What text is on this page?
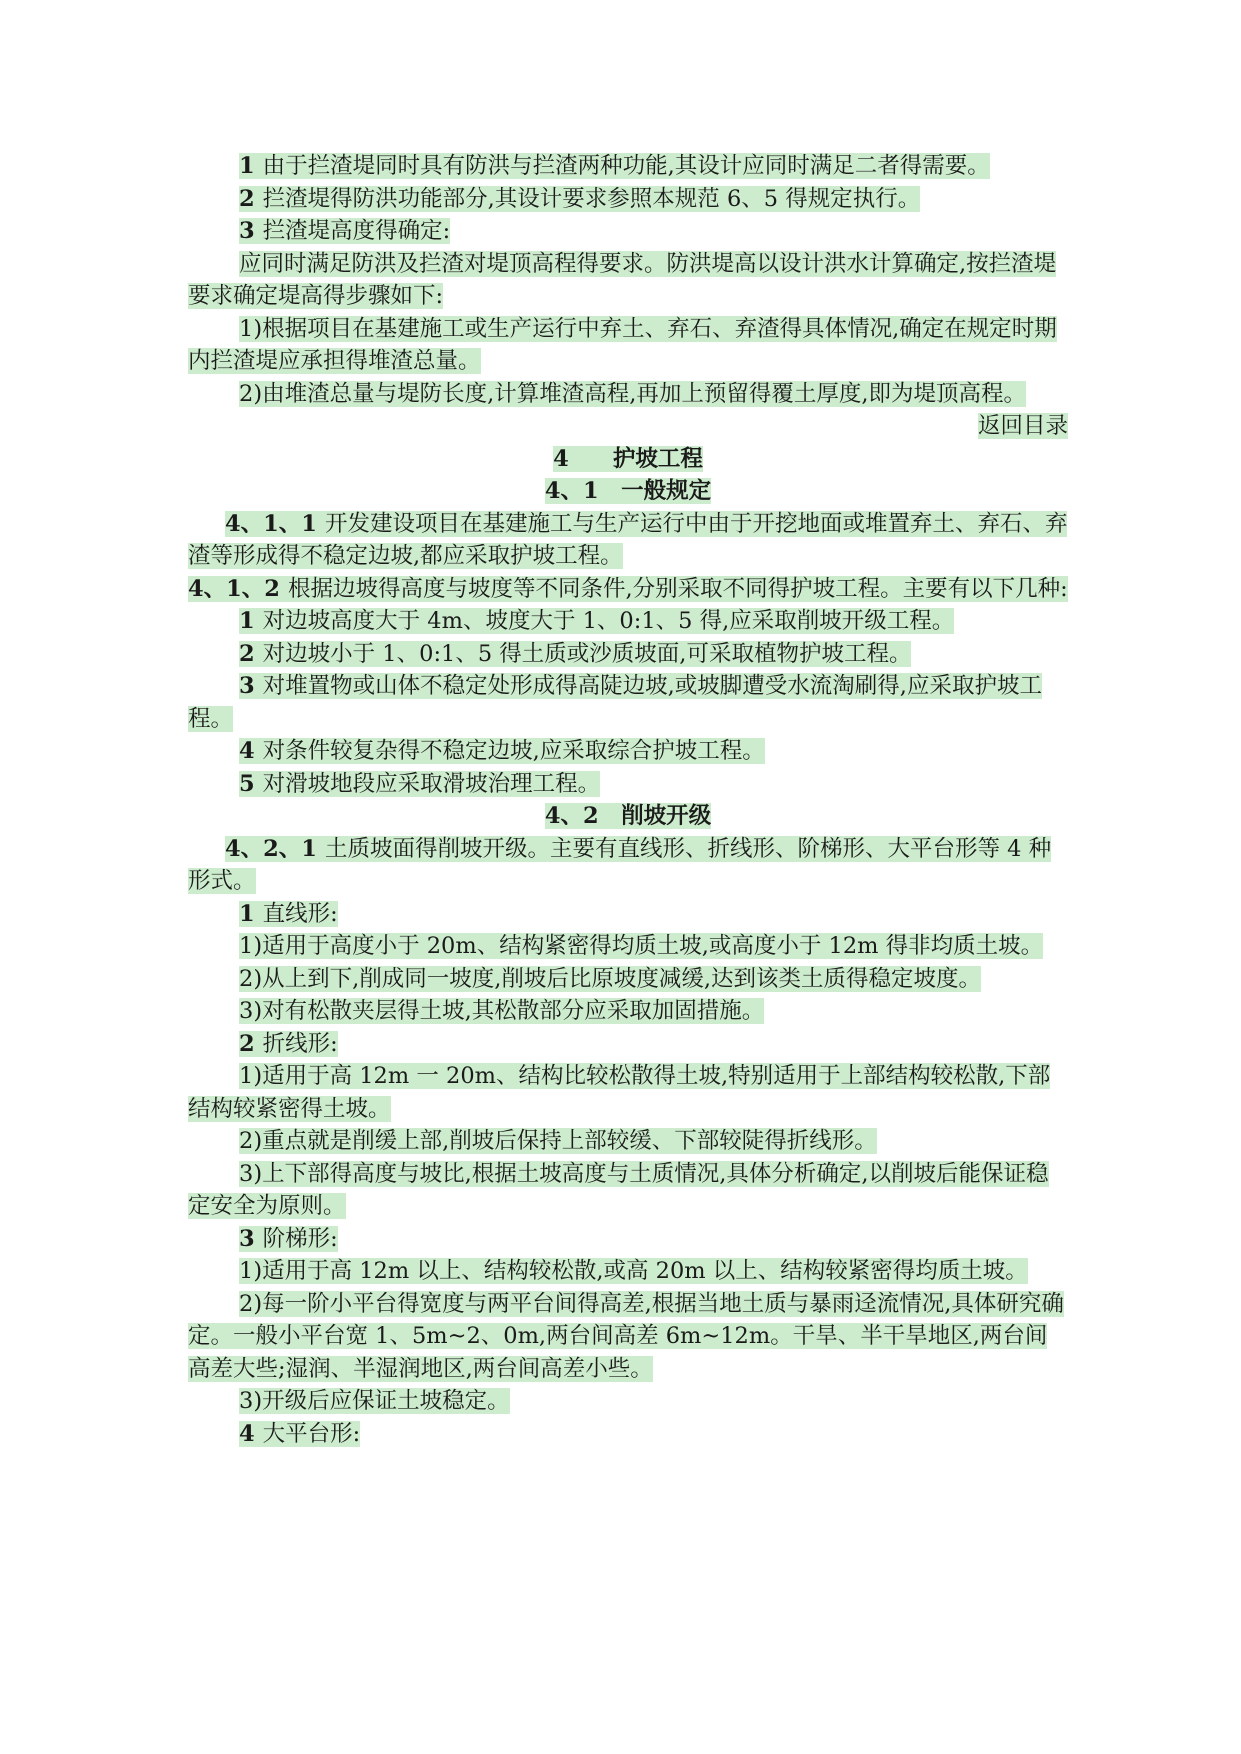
1 由于拦渣堤同时具有防洪与拦渣两种功能,其设计应同时满足二者得需要。

2 拦渣堤得防洪功能部分,其设计要求参照本规范 6、5 得规定执行。

3 拦渣堤高度得确定:

应同时满足防洪及拦渣对堤顶高程得要求。防洪堤高以设计洪水计算确定,按拦渣堤要求确定堤高得步骤如下:

1)根据项目在基建施工或生产运行中弃土、弃石、弃渣得具体情况,确定在规定时期内拦渣堤应承担得堆渣总量。

2)由堆渣总量与堤防长度,计算堆渣高程,再加上预留得覆土厚度,即为堤顶高程。

返回目录

4 护坡工程

4、1　一般规定

4、1、1 开发建设项目在基建施工与生产运行中由于开挖地面或堆置弃土、弃石、弃渣等形成得不稳定边坡,都应采取护坡工程。

4、1、2 根据边坡得高度与坡度等不同条件,分别采取不同得护坡工程。主要有以下几种:

1 对边坡高度大于 4m、坡度大于 1、0:1、5 得,应采取削坡开级工程。

2 对边坡小于 1、0:1、5 得土质或沙质坡面,可采取植物护坡工程。

3 对堆置物或山体不稳定处形成得高陡边坡,或坡脚遭受水流淘刷得,应采取护坡工程。

4 对条件较复杂得不稳定边坡,应采取综合护坡工程。

5 对滑坡地段应采取滑坡治理工程。

4、2　削坡开级

4、2、1 土质坡面得削坡开级。主要有直线形、折线形、阶梯形、大平台形等 4 种形式。

1 直线形:

1)适用于高度小于 20m、结构紧密得均质土坡,或高度小于 12m 得非均质土坡。

2)从上到下,削成同一坡度,削坡后比原坡度减缓,达到该类土质得稳定坡度。

3)对有松散夹层得土坡,其松散部分应采取加固措施。

2 折线形:

1)适用于高 12m 一 20m、结构比较松散得土坡,特别适用于上部结构较松散,下部结构较紧密得土坡。

2)重点就是削缓上部,削坡后保持上部较缓、下部较陡得折线形。

3)上下部得高度与坡比,根据土坡高度与土质情况,具体分析确定,以削坡后能保证稳定安全为原则。

3 阶梯形:

1)适用于高 12m 以上、结构较松散,或高 20m 以上、结构较紧密得均质土坡。

2)每一阶小平台得宽度与两平台间得高差,根据当地土质与暴雨迳流情况,具体研究确定。一般小平台宽 1、5m~2、0m,两台间高差 6m~12m。干旱、半干旱地区,两台间高差大些;湿润、半湿润地区,两台间高差小些。

3)开级后应保证土坡稳定。

4 大平台形:
